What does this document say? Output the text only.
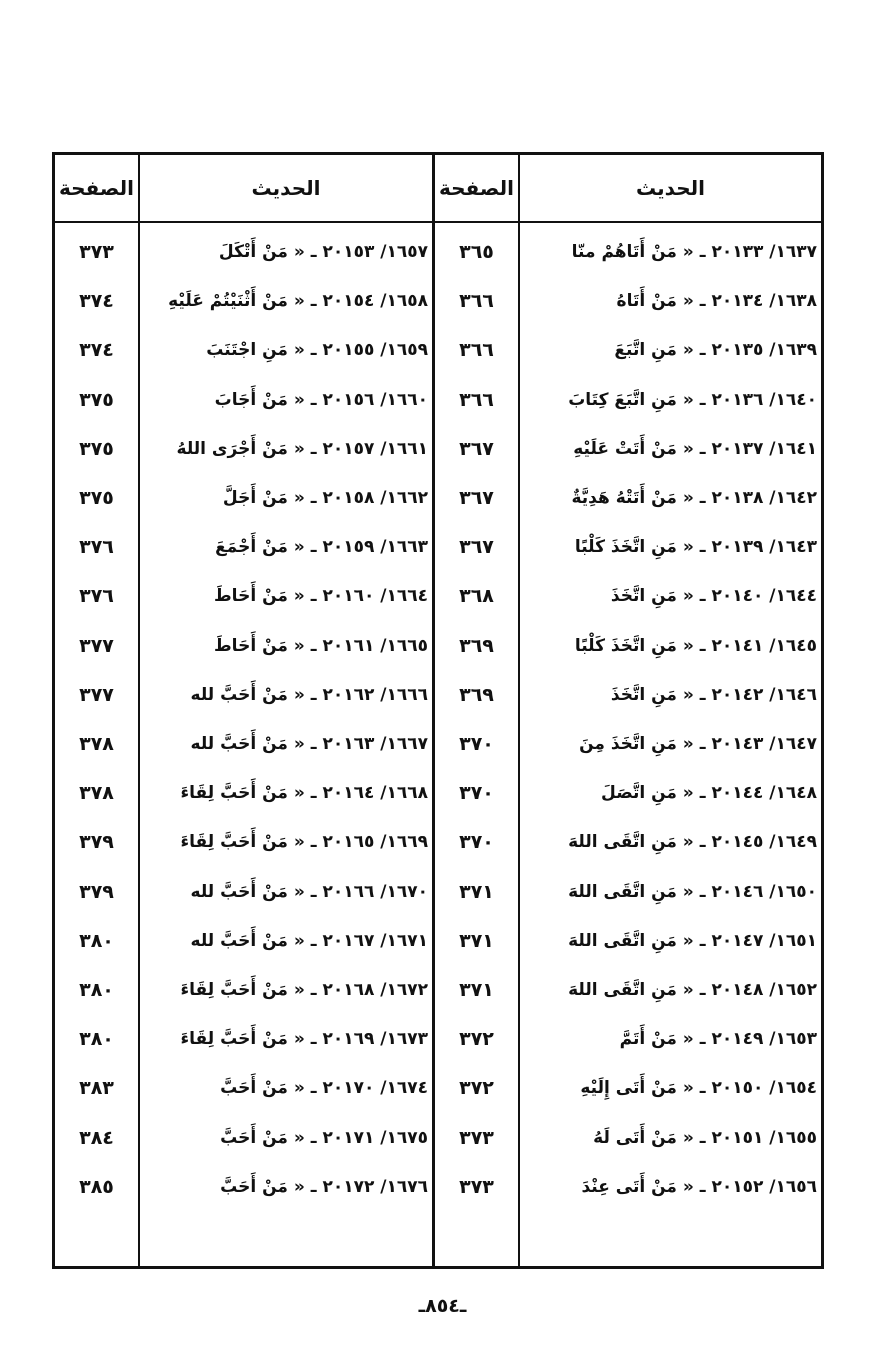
الحديث
الصفحة
الحديث
الصفحة
١٦٣٧/ ٢٠١٣٣ ـ « مَنْ أَتَاهُمْ منّا
٣٦٥
١٦٥٧/ ٢٠١٥٣ ـ « مَنْ أَتْكَلَ
٣٧٣
١٦٣٨/ ٢٠١٣٤ ـ « مَنْ أَتَاهُ
٣٦٦
١٦٥٨/ ٢٠١٥٤ ـ « مَنْ أَثْنَيْتُمْ عَلَيْهِ
٣٧٤
١٦٣٩/ ٢٠١٣٥ ـ « مَنِ اتَّبَعَ
٣٦٦
١٦٥٩/ ٢٠١٥٥ ـ « مَنِ اجْتَنَبَ
٣٧٤
١٦٤٠/ ٢٠١٣٦ ـ « مَنِ اتَّبَعَ كِتَابَ
٣٦٦
١٦٦٠/ ٢٠١٥٦ ـ « مَنْ أَجَابَ
٣٧٥
١٦٤١/ ٢٠١٣٧ ـ « مَنْ أَتَتْ عَلَيْهِ
٣٦٧
١٦٦١/ ٢٠١٥٧ ـ « مَنْ أَجْرَى اللهُ
٣٧٥
١٦٤٢/ ٢٠١٣٨ ـ « مَنْ أَتَتْهُ هَدِيَّةٌ
٣٦٧
١٦٦٢/ ٢٠١٥٨ ـ « مَنْ أَجَلَّ
٣٧٥
١٦٤٣/ ٢٠١٣٩ ـ « مَنِ اتَّخَذَ كَلْبًا
٣٦٧
١٦٦٣/ ٢٠١٥٩ ـ « مَنْ أَجْمَعَ
٣٧٦
١٦٤٤/ ٢٠١٤٠ ـ « مَنِ اتَّخَذَ
٣٦٨
١٦٦٤/ ٢٠١٦٠ ـ « مَنْ أَحَاطَ
٣٧٦
١٦٤٥/ ٢٠١٤١ ـ « مَنِ اتَّخَذَ كَلْبًا
٣٦٩
١٦٦٥/ ٢٠١٦١ ـ « مَنْ أَحَاطَ
٣٧٧
١٦٤٦/ ٢٠١٤٢ ـ « مَنِ اتَّخَذَ
٣٦٩
١٦٦٦/ ٢٠١٦٢ ـ « مَنْ أَحَبَّ لله
٣٧٧
١٦٤٧/ ٢٠١٤٣ ـ « مَنِ اتَّخَذَ مِنَ
٣٧٠
١٦٦٧/ ٢٠١٦٣ ـ « مَنْ أَحَبَّ لله
٣٧٨
١٦٤٨/ ٢٠١٤٤ ـ « مَنِ اتَّصَلَ
٣٧٠
١٦٦٨/ ٢٠١٦٤ ـ « مَنْ أَحَبَّ لِقَاءَ
٣٧٨
١٦٤٩/ ٢٠١٤٥ ـ « مَنِ اتَّقَى اللهَ
٣٧٠
١٦٦٩/ ٢٠١٦٥ ـ « مَنْ أَحَبَّ لِقَاءَ
٣٧٩
١٦٥٠/ ٢٠١٤٦ ـ « مَنِ اتَّقَى اللهَ
٣٧١
١٦٧٠/ ٢٠١٦٦ ـ « مَنْ أَحَبَّ لله
٣٧٩
١٦٥١/ ٢٠١٤٧ ـ « مَنِ اتَّقَى اللهَ
٣٧١
١٦٧١/ ٢٠١٦٧ ـ « مَنْ أَحَبَّ لله
٣٨٠
١٦٥٢/ ٢٠١٤٨ ـ « مَنِ اتَّقَى اللهَ
٣٧١
١٦٧٢/ ٢٠١٦٨ ـ « مَنْ أَحَبَّ لِقَاءَ
٣٨٠
١٦٥٣/ ٢٠١٤٩ ـ « مَنْ أَتَمَّ
٣٧٢
١٦٧٣/ ٢٠١٦٩ ـ « مَنْ أَحَبَّ لِقَاءَ
٣٨٠
١٦٥٤/ ٢٠١٥٠ ـ « مَنْ أَتَى إِلَيْهِ
٣٧٢
١٦٧٤/ ٢٠١٧٠ ـ « مَنْ أَحَبَّ
٣٨٣
١٦٥٥/ ٢٠١٥١ ـ « مَنْ أَتَى لَهُ
٣٧٣
١٦٧٥/ ٢٠١٧١ ـ « مَنْ أَحَبَّ
٣٨٤
١٦٥٦/ ٢٠١٥٢ ـ « مَنْ أَتَى عِنْدَ
٣٧٣
١٦٧٦/ ٢٠١٧٢ ـ « مَنْ أَحَبَّ
٣٨٥
ـ٨٥٤ـ
